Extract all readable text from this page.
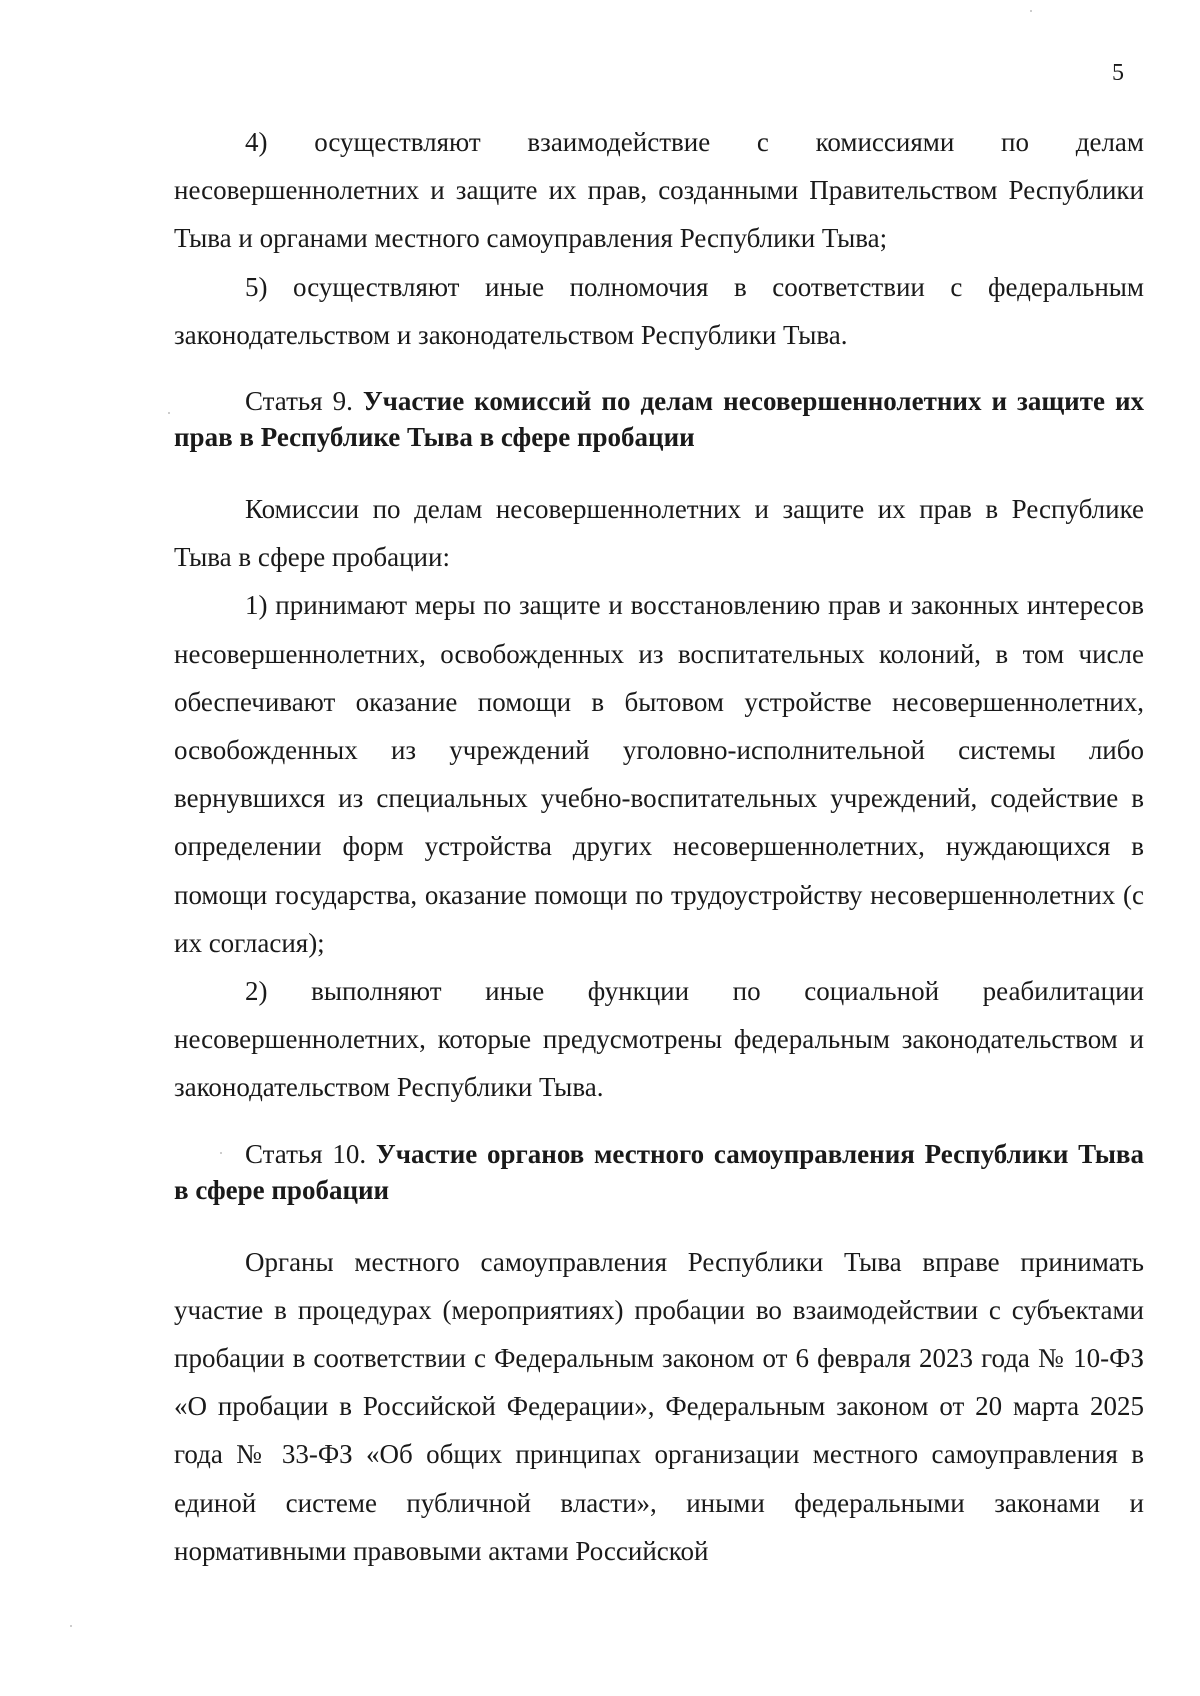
5

4) осуществляют взаимодействие с комиссиями по делам несовершеннолетних и защите их прав, созданными Правительством Республики Тыва и органами местного самоуправления Республики Тыва;

5) осуществляют иные полномочия в соответствии с федеральным законодательством и законодательством Республики Тыва.

Статья 9. Участие комиссий по делам несовершеннолетних и защите их прав в Республике Тыва в сфере пробации

Комиссии по делам несовершеннолетних и защите их прав в Республике Тыва в сфере пробации:

1) принимают меры по защите и восстановлению прав и законных интересов несовершеннолетних, освобожденных из воспитательных колоний, в том числе обеспечивают оказание помощи в бытовом устройстве несовершеннолетних, освобожденных из учреждений уголовно-исполнительной системы либо вернувшихся из специальных учебно-воспитательных учреждений, содействие в определении форм устройства других несовершеннолетних, нуждающихся в помощи государства, оказание помощи по трудоустройству несовершеннолетних (с их согласия);

2) выполняют иные функции по социальной реабилитации несовершеннолетних, которые предусмотрены федеральным законодательством и законодательством Республики Тыва.

Статья 10. Участие органов местного самоуправления Республики Тыва в сфере пробации

Органы местного самоуправления Республики Тыва вправе принимать участие в процедурах (мероприятиях) пробации во взаимодействии с субъектами пробации в соответствии с Федеральным законом от 6 февраля 2023 года № 10-ФЗ «О пробации в Российской Федерации», Федеральным законом от 20 марта 2025 года № 33-ФЗ «Об общих принципах организации местного самоуправления в единой системе публичной власти», иными федеральными законами и нормативными правовыми актами Российской
